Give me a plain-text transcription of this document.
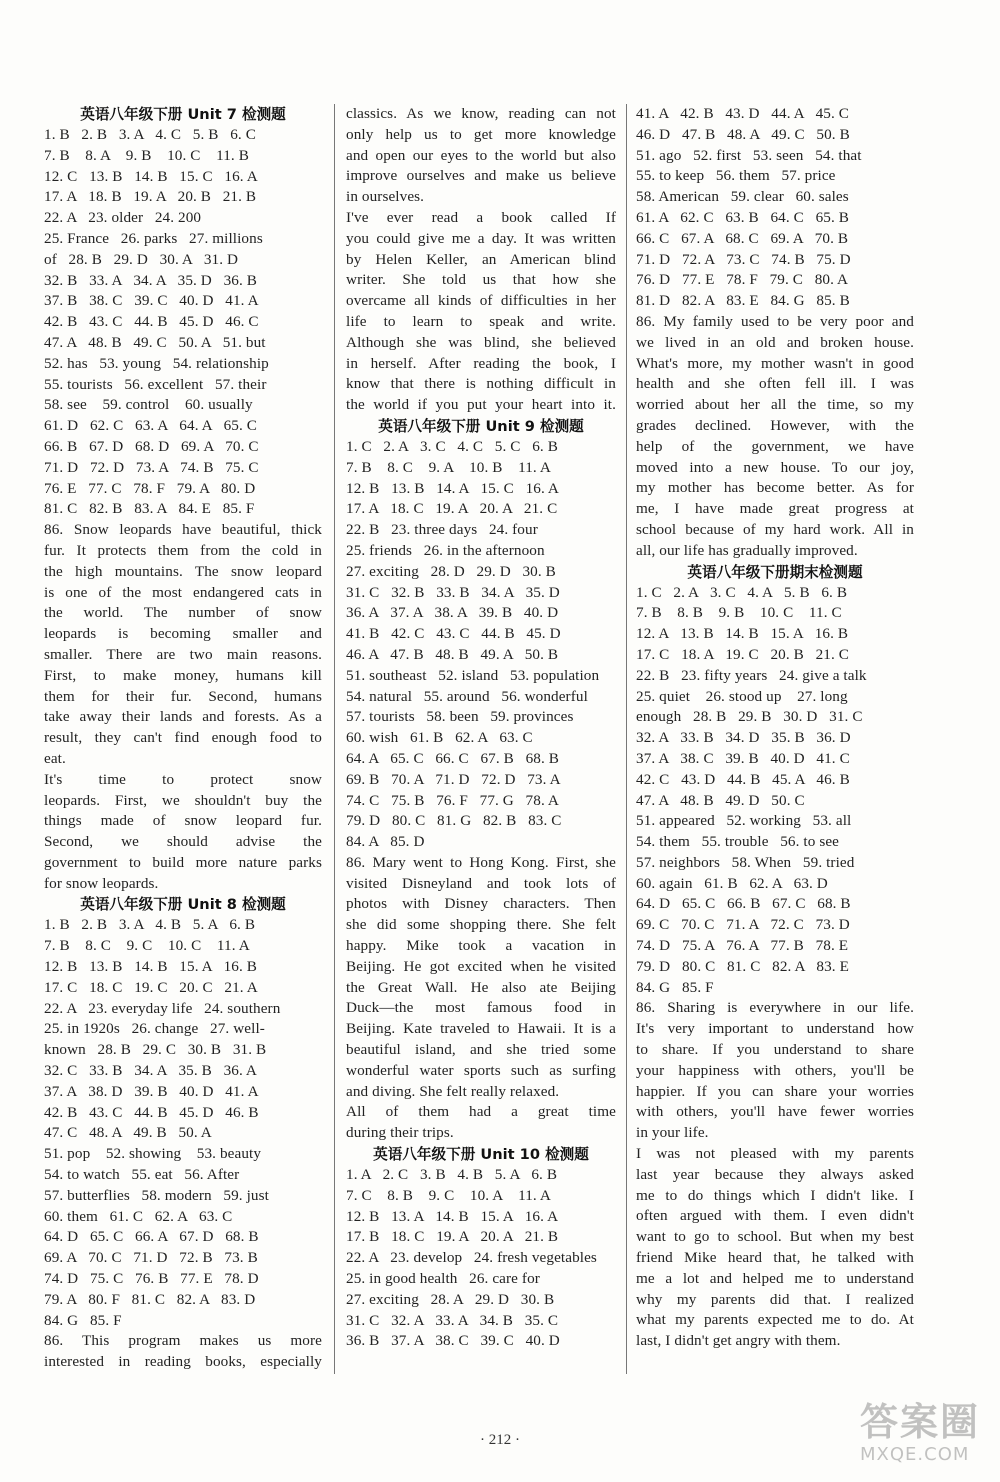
英语八年级下册 Unit 7 检测题
1. B   2. B   3. A   4. C   5. B   6. C
7. B    8. A    9. B    10. C    11. B
12. C   13. B   14. B   15. C   16. A
17. A   18. B   19. A   20. B   21. B
22. A   23. older   24. 200
25. France   26. parks   27. millions
of   28. B   29. D   30. A   31. D
32. B   33. A   34. A   35. D   36. B
37. B   38. C   39. C   40. D   41. A
42. B   43. C   44. B   45. D   46. C
47. A   48. B   49. C   50. A   51. but
52. has   53. young   54. relationship
55. tourists   56. excellent   57. their
58. see    59. control    60. usually
61. D   62. C   63. A   64. A   65. C
66. B   67. D   68. D   69. A   70. C
71. D   72. D   73. A   74. B   75. C
76. E   77. C   78. F   79. A   80. D
81. C   82. B   83. A   84. E   85. F
86. Snow leopards have beautiful, thick
fur. It protects them from the cold in
the high mountains. The snow leopard
is one of the most endangered cats in
the world. The number of snow
leopards is becoming smaller and
smaller. There are two main reasons.
First, to make money, humans kill
them for their fur. Second, humans
take away their lands and forests. As a
result, they can't find enough food to
eat.
It's time to protect snow
leopards. First, we shouldn't buy the
things made of snow leopard fur.
Second, we should advise the
government to build more nature parks
for snow leopards.
英语八年级下册 Unit 8 检测题
1. B   2. B   3. A   4. B   5. A   6. B
7. B    8. C    9. C    10. C    11. A
12. B   13. B   14. B   15. A   16. B
17. C   18. C   19. C   20. C   21. A
22. A   23. everyday life   24. southern
25. in 1920s   26. change   27. well-
known   28. B   29. C   30. B   31. B
32. C   33. B   34. A   35. B   36. A
37. A   38. D   39. B   40. D   41. A
42. B   43. C   44. B   45. D   46. B
47. C   48. A   49. B   50. A
51. pop    52. showing    53. beauty
54. to watch   55. eat   56. After
57. butterflies   58. modern   59. just
60. them   61. C   62. A   63. C
64. D   65. C   66. A   67. D   68. B
69. A   70. C   71. D   72. B   73. B
74. D   75. C   76. B   77. E   78. D
79. A   80. F   81. C   82. A   83. D
84. G   85. F
86. This program makes us more
interested in reading books, especially
classics. As we know, reading can not
only help us to get more knowledge
and open our eyes to the world but also
improve ourselves and make us believe
in ourselves.
I've ever read a book called If
you could give me a day. It was written
by Helen Keller, an American blind
writer. She told us that how she
overcame all kinds of difficulties in her
life to learn to speak and write.
Although she was blind, she believed
in herself. After reading the book, I
know that there is nothing difficult in
the world if you put your heart into it.
英语八年级下册 Unit 9 检测题
1. C   2. A   3. C   4. C   5. C   6. B
7. B    8. C    9. A    10. B    11. A
12. B   13. B   14. A   15. C   16. A
17. A   18. C   19. A   20. A   21. C
22. B   23. three days   24. four
25. friends   26. in the afternoon
27. exciting   28. D   29. D   30. B
31. C   32. B   33. B   34. A   35. D
36. A   37. A   38. A   39. B   40. D
41. B   42. C   43. C   44. B   45. D
46. A   47. B   48. B   49. A   50. B
51. southeast   52. island   53. population
54. natural   55. around   56. wonderful
57. tourists   58. been   59. provinces
60. wish   61. B   62. A   63. C
64. A   65. C   66. C   67. B   68. B
69. B   70. A   71. D   72. D   73. A
74. C   75. B   76. F   77. G   78. A
79. D   80. C   81. G   82. B   83. C
84. A   85. D
86. Mary went to Hong Kong. First, she
visited Disneyland and took lots of
photos with Disney characters. Then
she did some shopping there. She felt
happy. Mike took a vacation in
Beijing. He got excited when he visited
the Great Wall. He also ate Beijing
Duck—the most famous food in
Beijing. Kate traveled to Hawaii. It is a
beautiful island, and she tried some
wonderful water sports such as surfing
and diving. She felt really relaxed.
All of them had a great time
during their trips.
英语八年级下册 Unit 10 检测题
1. A   2. C   3. B   4. B   5. A   6. B
7. C    8. B    9. C    10. A    11. A
12. B   13. A   14. B   15. A   16. A
17. B   18. C   19. A   20. A   21. B
22. A   23. develop   24. fresh vegetables
25. in good health   26. care for
27. exciting   28. A   29. D   30. B
31. C   32. A   33. A   34. B   35. C
36. B   37. A   38. C   39. C   40. D
41. A   42. B   43. D   44. A   45. C
46. D   47. B   48. A   49. C   50. B
51. ago   52. first   53. seen   54. that
55. to keep   56. them   57. price
58. American   59. clear   60. sales
61. A   62. C   63. B   64. C   65. B
66. C   67. A   68. C   69. A   70. B
71. D   72. A   73. C   74. B   75. D
76. D   77. E   78. F   79. C   80. A
81. D   82. A   83. E   84. G   85. B
86. My family used to be very poor and
we lived in an old and broken house.
What's more, my mother wasn't in good
health and she often fell ill. I was
worried about her all the time, so my
grades declined. However, with the
help of the government, we have
moved into a new house. To our joy,
my mother has become better. As for
me, I have made great progress at
school because of my hard work. All in
all, our life has gradually improved.
英语八年级下册期末检测题
1. C   2. A   3. C   4. A   5. B   6. B
7. B    8. B    9. B    10. C    11. C
12. A   13. B   14. B   15. A   16. B
17. C   18. A   19. C   20. B   21. C
22. B   23. fifty years   24. give a talk
25. quiet    26. stood up    27. long
enough   28. B   29. B   30. D   31. C
32. A   33. B   34. D   35. B   36. D
37. A   38. C   39. B   40. D   41. C
42. C   43. D   44. B   45. A   46. B
47. A   48. B   49. D   50. C
51. appeared   52. working   53. all
54. them   55. trouble   56. to see
57. neighbors   58. When   59. tried
60. again   61. B   62. A   63. D
64. D   65. C   66. B   67. C   68. B
69. C   70. C   71. A   72. C   73. D
74. D   75. A   76. A   77. B   78. E
79. D   80. C   81. C   82. A   83. E
84. G   85. F
86. Sharing is everywhere in our life.
It's very important to understand how
to share. If you understand to share
your happiness with others, you'll be
happier. If you can share your worries
with others, you'll have fewer worries
in your life.
I was not pleased with my parents
last year because they always asked
me to do things which I didn't like. I
often argued with them. I even didn't
want to go to school. But when my best
friend Mike heard that, he talked with
me a lot and helped me to understand
why my parents did that. I realized
what my parents expected me to do. At
last, I didn't get angry with them.
· 212 ·	答案圈
MXQE.COM
